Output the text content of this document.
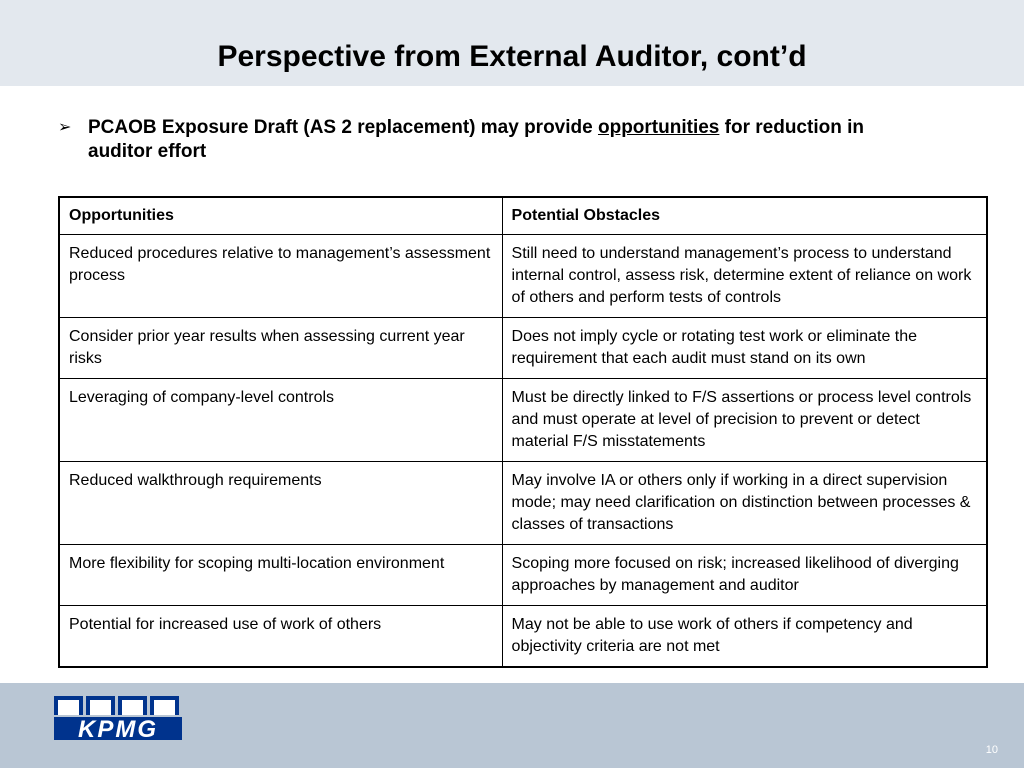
Perspective from External Auditor, cont’d
➢ PCAOB Exposure Draft (AS 2 replacement) may provide opportunities for reduction in auditor effort
Opportunities	Potential Obstacles
Reduced procedures relative to management’s assessment process	Still need to understand management’s process to understand internal control, assess risk, determine extent of reliance on work of others and perform tests of controls
Consider prior year results when assessing current year risks	Does not imply cycle or rotating test work or eliminate the requirement that each audit must stand on its own
Leveraging of company-level controls	Must be directly linked to F/S assertions or process level controls and must operate at level of precision to prevent or detect material F/S misstatements
Reduced walkthrough requirements	May involve IA or others only if working in a direct supervision mode; may need clarification on distinction between processes & classes of transactions
More flexibility for scoping multi-location environment	Scoping more focused on risk; increased likelihood of diverging approaches by management and auditor
Potential for increased use of work of others	May not be able to use work of others if competency and objectivity criteria are not met
KPMG
10
